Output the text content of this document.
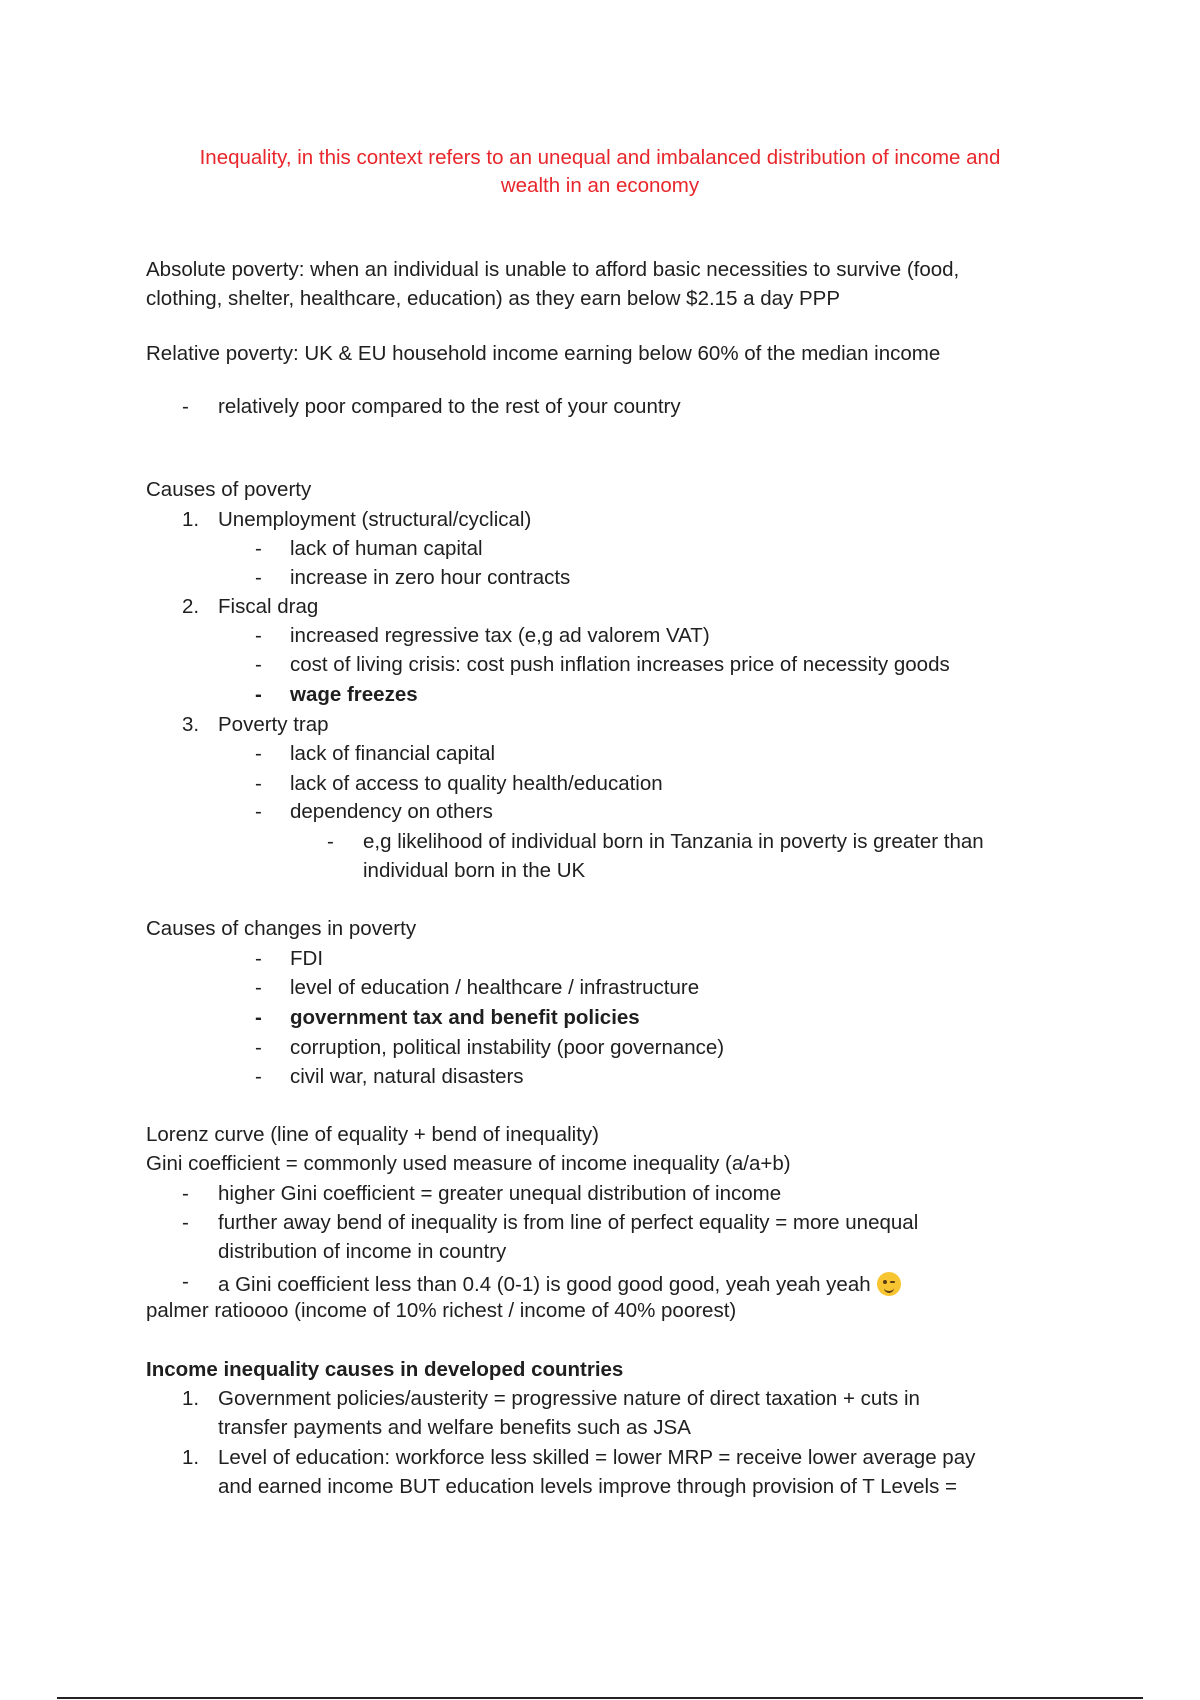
Inequality, in this context refers to an unequal and imbalanced distribution of income and
wealth in an economy
Absolute poverty: when an individual is unable to afford basic necessities to survive (food,
clothing, shelter, healthcare, education) as they earn below $2.15 a day PPP
Relative poverty: UK & EU household income earning below 60% of the median income
- relatively poor compared to the rest of your country
Causes of poverty
1. Unemployment (structural/cyclical)
- lack of human capital
- increase in zero hour contracts
2. Fiscal drag
- increased regressive tax (e,g ad valorem VAT)
- cost of living crisis: cost push inflation increases price of necessity goods
- wage freezes
3. Poverty trap
- lack of financial capital
- lack of access to quality health/education
- dependency on others
- e,g likelihood of individual born in Tanzania in poverty is greater than
individual born in the UK
Causes of changes in poverty
- FDI
- level of education / healthcare / infrastructure
- government tax and benefit policies
- corruption, political instability (poor governance)
- civil war, natural disasters
Lorenz curve (line of equality + bend of inequality)
Gini coefficient = commonly used measure of income inequality (a/a+b)
- higher Gini coefficient = greater unequal distribution of income
- further away bend of inequality is from line of perfect equality = more unequal
distribution of income in country
- a Gini coefficient less than 0.4 (0-1) is good good good, yeah yeah yeah
palmer ratioooo (income of 10% richest / income of 40% poorest)
Income inequality causes in developed countries
1. Government policies/austerity = progressive nature of direct taxation + cuts in
transfer payments and welfare benefits such as JSA
1. Level of education: workforce less skilled = lower MRP = receive lower average pay
and earned income BUT education levels improve through provision of T Levels =
